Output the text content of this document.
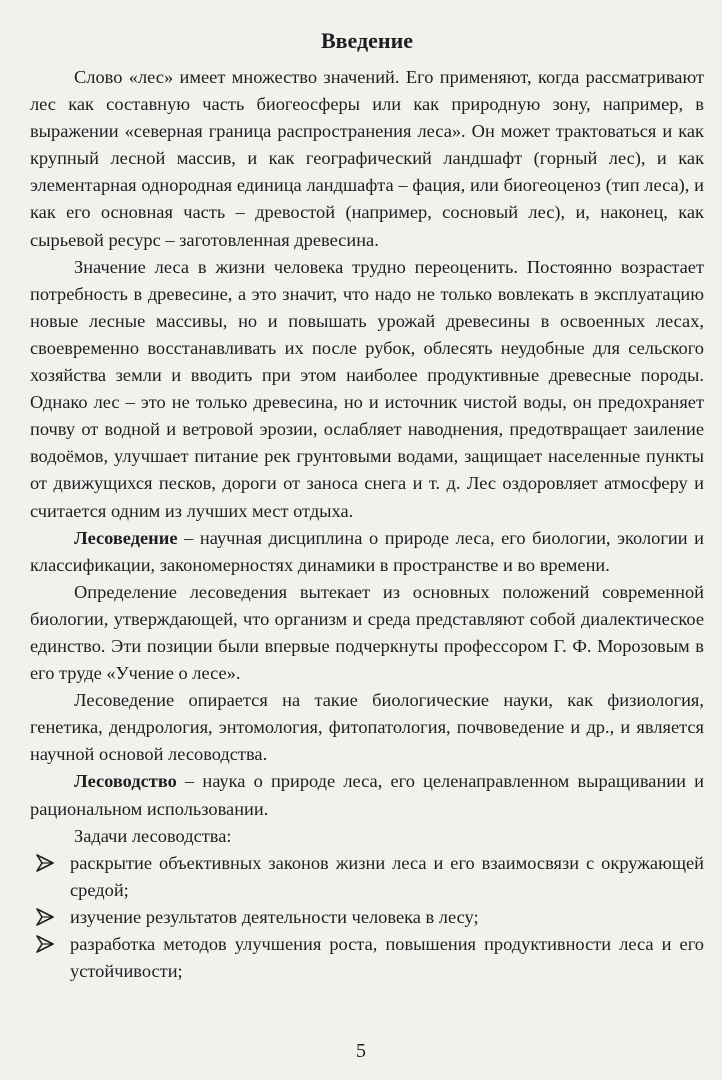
Введение

Слово «лес» имеет множество значений. Его применяют, когда рассматривают лес как составную часть биогеосферы или как природную зону, например, в выражении «северная граница распространения леса». Он может трактоваться и как крупный лесной массив, и как географический ландшафт (горный лес), и как элементарная однородная единица ландшафта – фация, или биогеоценоз (тип леса), и как его основная часть – древостой (например, сосновый лес), и, наконец, как сырьевой ресурс – заготовленная древесина.

Значение леса в жизни человека трудно переоценить. Постоянно возрастает потребность в древесине, а это значит, что надо не только вовлекать в эксплуатацию новые лесные массивы, но и повышать урожай древесины в освоенных лесах, своевременно восстанавливать их после рубок, облесять неудобные для сельского хозяйства земли и вводить при этом наиболее продуктивные древесные породы. Однако лес – это не только древесина, но и источник чистой воды, он предохраняет почву от водной и ветровой эрозии, ослабляет наводнения, предотвращает заиление водоёмов, улучшает питание рек грунтовыми водами, защищает населенные пункты от движущихся песков, дороги от заноса снега и т. д. Лес оздоровляет атмосферу и считается одним из лучших мест отдыха.

Лесоведение – научная дисциплина о природе леса, его биологии, экологии и классификации, закономерностях динамики в пространстве и во времени.

Определение лесоведения вытекает из основных положений современной биологии, утверждающей, что организм и среда представляют собой диалектическое единство. Эти позиции были впервые подчеркнуты профессором Г. Ф. Морозовым в его труде «Учение о лесе».

Лесоведение опирается на такие биологические науки, как физиология, генетика, дендрология, энтомология, фитопатология, почвоведение и др., и является научной основой лесоводства.

Лесоводство – наука о природе леса, его целенаправленном выращивании и рациональном использовании.

Задачи лесоводства:

раскрытие объективных законов жизни леса и его взаимосвязи с окружающей средой;
изучение результатов деятельности человека в лесу;
разработка методов улучшения роста, повышения продуктивности леса и его устойчивости;
5
